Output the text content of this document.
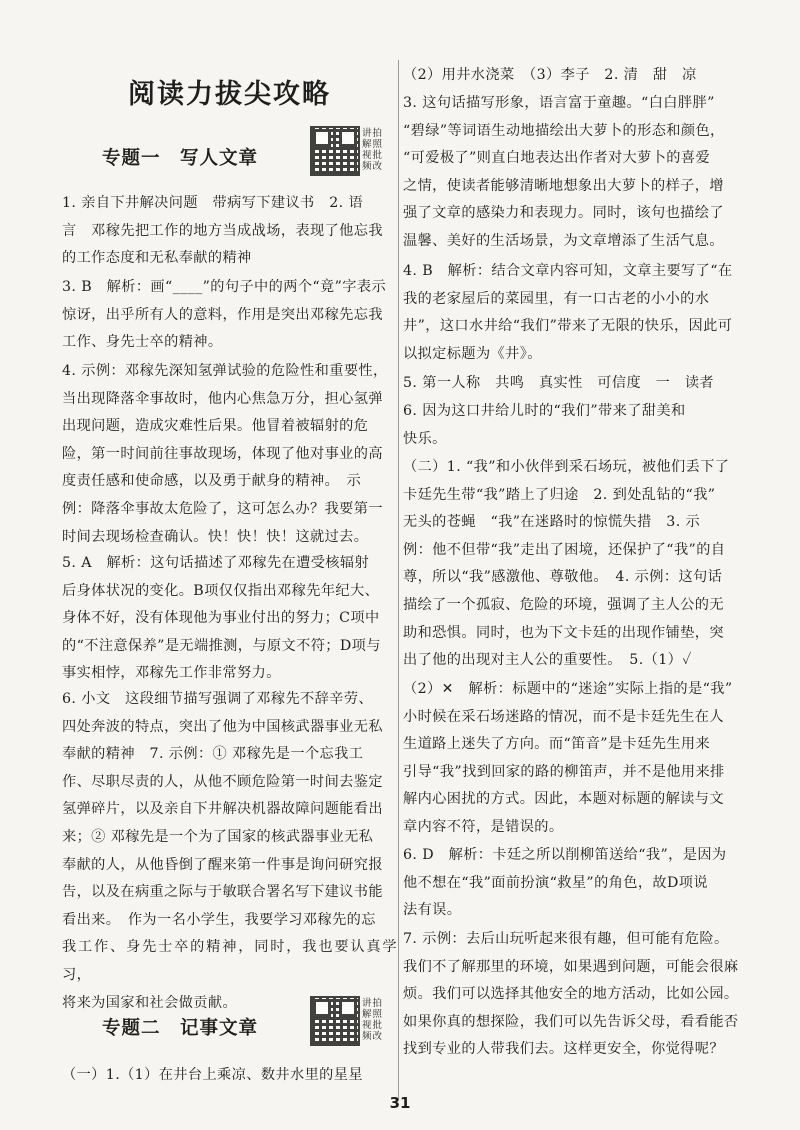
阅读力拔尖攻略
专题一　写人文章
讲拍
解照
视批
频改
1. 亲自下井解决问题　带病写下建议书　2. 语
言　邓稼先把工作的地方当成战场，表现了他忘我
的工作态度和无私奉献的精神
3. B　解析：画“____”的句子中的两个“竟”字表示
惊讶，出乎所有人的意料，作用是突出邓稼先忘我
工作、身先士卒的精神。
4. 示例：邓稼先深知氢弹试验的危险性和重要性，
当出现降落伞事故时，他内心焦急万分，担心氢弹
出现问题，造成灾难性后果。他冒着被辐射的危
险，第一时间前往事故现场，体现了他对事业的高
度责任感和使命感，以及勇于献身的精神。　示
例：降落伞事故太危险了，这可怎么办？我要第一
时间去现场检查确认。快！快！快！这就过去。
5. A　解析：这句话描述了邓稼先在遭受核辐射
后身体状况的变化。B项仅仅指出邓稼先年纪大、
身体不好，没有体现他为事业付出的努力；C项中
的“不注意保养”是无端推测，与原文不符；D项与
事实相悖，邓稼先工作非常努力。
6. 小文　这段细节描写强调了邓稼先不辞辛劳、
四处奔波的特点，突出了他为中国核武器事业无私
奉献的精神　7. 示例：① 邓稼先是一个忘我工
作、尽职尽责的人，从他不顾危险第一时间去鉴定
氢弹碎片，以及亲自下井解决机器故障问题能看出
来；② 邓稼先是一个为了国家的核武器事业无私
奉献的人，从他昏倒了醒来第一件事是询问研究报
告，以及在病重之际与于敏联合署名写下建议书能
看出来。　作为一名小学生，我要学习邓稼先的忘
我工作、身先士卒的精神，同时，我也要认真学习，
将来为国家和社会做贡献。
专题二　记事文章
讲拍
解照
视批
频改
（一）1.（1）在井台上乘凉、数井水里的星星
（2）用井水浇菜　（3）李子　2. 清　甜　凉
3. 这句话描写形象，语言富于童趣。“白白胖胖”
“碧绿”等词语生动地描绘出大萝卜的形态和颜色，
“可爱极了”则直白地表达出作者对大萝卜的喜爱
之情，使读者能够清晰地想象出大萝卜的样子，增
强了文章的感染力和表现力。同时，该句也描绘了
温馨、美好的生活场景，为文章增添了生活气息。
4. B　解析：结合文章内容可知，文章主要写了“在
我的老家屋后的菜园里，有一口古老的小小的水
井”，这口水井给“我们”带来了无限的快乐，因此可
以拟定标题为《井》。
5. 第一人称　共鸣　真实性　可信度　一　读者
6. 因为这口井给儿时的“我们”带来了甜美和
快乐。
（二）1. “我”和小伙伴到采石场玩，被他们丢下了
卡廷先生带“我”踏上了归途　2. 到处乱钻的“我”
无头的苍蝇　“我”在迷路时的惊慌失措　3. 示
例：他不但带“我”走出了困境，还保护了“我”的自
尊，所以“我”感激他、尊敬他。　4. 示例：这句话
描绘了一个孤寂、危险的环境，强调了主人公的无
助和恐惧。同时，也为下文卡廷的出现作铺垫，突
出了他的出现对主人公的重要性。　5.（1）✓
（2）✕　解析：标题中的“迷途”实际上指的是“我”
小时候在采石场迷路的情况，而不是卡廷先生在人
生道路上迷失了方向。而“笛音”是卡廷先生用来
引导“我”找到回家的路的柳笛声，并不是他用来排
解内心困扰的方式。因此，本题对标题的解读与文
章内容不符，是错误的。
6. D　解析：卡廷之所以削柳笛送给“我”，是因为
他不想在“我”面前扮演“救星”的角色，故D项说
法有误。
7. 示例：去后山玩听起来很有趣，但可能有危险。
我们不了解那里的环境，如果遇到问题，可能会很麻
烦。我们可以选择其他安全的地方活动，比如公园。
如果你真的想探险，我们可以先告诉父母，看看能否
找到专业的人带我们去。这样更安全，你觉得呢？
31
